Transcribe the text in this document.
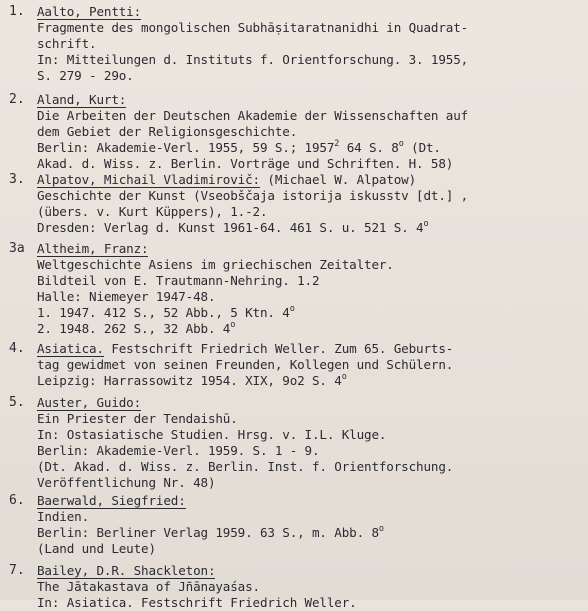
1. Aalto, Pentti:
Fragmente des mongolischen Subhāṣitaratnanidhi in Quadrat-
schrift.
In: Mitteilungen d. Instituts f. Orientforschung. 3. 1955,
S. 279 - 29o.
2. Aland, Kurt:
Die Arbeiten der Deutschen Akademie der Wissenschaften auf
dem Gebiet der Religionsgeschichte.
Berlin: Akademie-Verl. 1955, 59 S.; 1957$^2$ 64 S. 8$^o$ (Dt.
Akad. d. Wiss. z. Berlin. Vorträge und Schriften. H. 58)
3. Alpatov, Michail Vladimirovič: (Michael W. Alpatow)
Geschichte der Kunst (Vseobščaja istorija iskusstv [dt.] ,
(übers. v. Kurt Küppers), 1.-2.
Dresden: Verlag d. Kunst 1961-64. 461 S. u. 521 S. 4$^o$
3a Altheim, Franz:
Weltgeschichte Asiens im griechischen Zeitalter.
Bildteil von E. Trautmann-Nehring. 1.2
Halle: Niemeyer 1947-48.
1. 1947. 412 S., 52 Abb., 5 Ktn. 4$^o$
2. 1948. 262 S., 32 Abb. 4$^o$
4. Asiatica. Festschrift Friedrich Weller. Zum 65. Geburts-
tag gewidmet von seinen Freunden, Kollegen und Schülern.
Leipzig: Harrassowitz 1954. XIX, 9o2 S. 4$^o$
5. Auster, Guido:
Ein Priester der Tendaishū.
In: Ostasiatische Studien. Hrsg. v. I.L. Kluge.
Berlin: Akademie-Verl. 1959. S. 1 - 9.
(Dt. Akad. d. Wiss. z. Berlin. Inst. f. Orientforschung.
Veröffentlichung Nr. 48)
6. Baerwald, Siegfried:
Indien.
Berlin: Berliner Verlag 1959. 63 S., m. Abb. 8$^o$
(Land und Leute)
7. Bailey, D.R. Shackleton:
The Jātakastava of Jñānayaśas.
In: Asiatica. Festschrift Friedrich Weller.
